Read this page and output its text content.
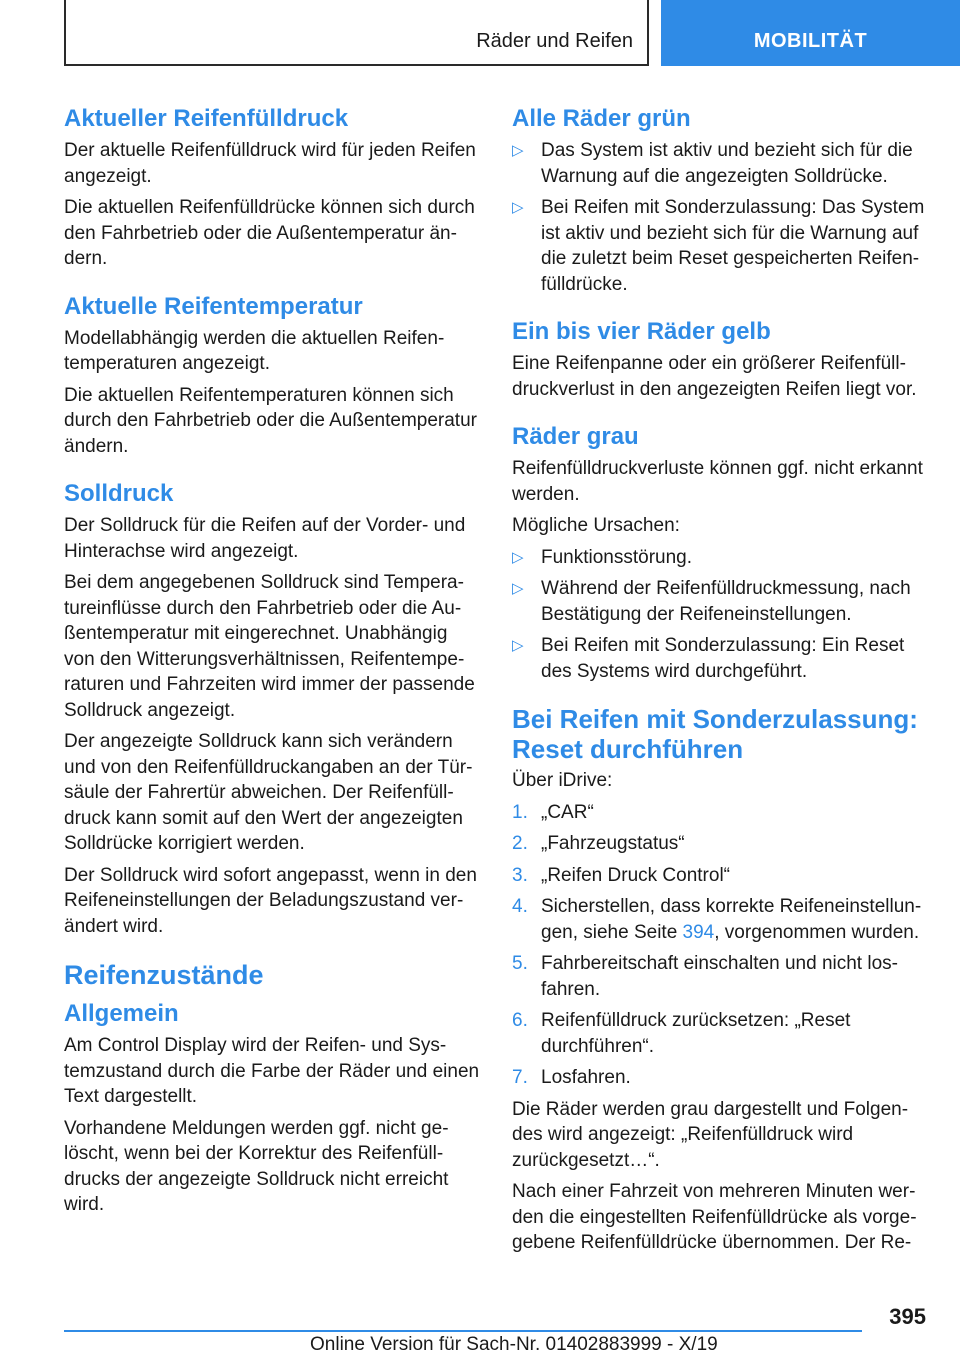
Räder und Reifen	MOBILITÄT
Aktueller Reifenfülldruck

Der aktuelle Reifenfülldruck wird für jeden Reifen angezeigt.

Die aktuellen Reifenfülldrücke können sich durch den Fahrbetrieb oder die Außentemperatur ändern.

Aktuelle Reifentemperatur

Modellabhängig werden die aktuellen Reifentemperaturen angezeigt.

Die aktuellen Reifentemperaturen können sich durch den Fahrbetrieb oder die Außentemperatur ändern.

Solldruck

Der Solldruck für die Reifen auf der Vorder- und Hinterachse wird angezeigt.

Bei dem angegebenen Solldruck sind Temperatureinflüsse durch den Fahrbetrieb oder die Außentemperatur mit eingerechnet. Unabhängig von den Witterungsverhältnissen, Reifentemperaturen und Fahrzeiten wird immer der passende Solldruck angezeigt.

Der angezeigte Solldruck kann sich verändern und von den Reifenfülldruckangaben an der Türsäule der Fahrertür abweichen. Der Reifenfülldruck kann somit auf den Wert der angezeigten Solldrücke korrigiert werden.

Der Solldruck wird sofort angepasst, wenn in den Reifeneinstellungen der Beladungszustand verändert wird.

Reifenzustände
Allgemein

Am Control Display wird der Reifen- und Systemzustand durch die Farbe der Räder und einen Text dargestellt.

Vorhandene Meldungen werden ggf. nicht gelöscht, wenn bei der Korrektur des Reifenfülldrucks der angezeigte Solldruck nicht erreicht wird.

Alle Räder grün
▷ Das System ist aktiv und bezieht sich für die Warnung auf die angezeigten Solldrücke.
▷ Bei Reifen mit Sonderzulassung: Das System ist aktiv und bezieht sich für die Warnung auf die zuletzt beim Reset gespeicherten Reifenfülldrücke.
Ein bis vier Räder gelb

Eine Reifenpanne oder ein größerer Reifenfülldruckverlust in den angezeigten Reifen liegt vor.

Räder grau

Reifenfülldruckverluste können ggf. nicht erkannt werden.

Mögliche Ursachen:

▷ Funktionsstörung.
▷ Während der Reifenfülldruckmessung, nach Bestätigung der Reifeneinstellungen.
▷ Bei Reifen mit Sonderzulassung: Ein Reset des Systems wird durchgeführt.
Bei Reifen mit Sonderzulassung: Reset durchführen

Über iDrive:

1. „CAR“
2. „Fahrzeugstatus“
3. „Reifen Druck Control“
4. Sicherstellen, dass korrekte Reifeneinstellungen, siehe Seite 394, vorgenommen wurden.
5. Fahrbereitschaft einschalten und nicht losfahren.
6. Reifenfülldruck zurücksetzen: „Reset durchführen“.
7. Losfahren.

Die Räder werden grau dargestellt und Folgendes wird angezeigt: „Reifenfülldruck wird zurückgesetzt…“.

Nach einer Fahrzeit von mehreren Minuten werden die eingestellten Reifenfülldrücke als vorgegebene Reifenfülldrücke übernommen. Der Re-

395
Online Version für Sach-Nr. 01402883999 - X/19
